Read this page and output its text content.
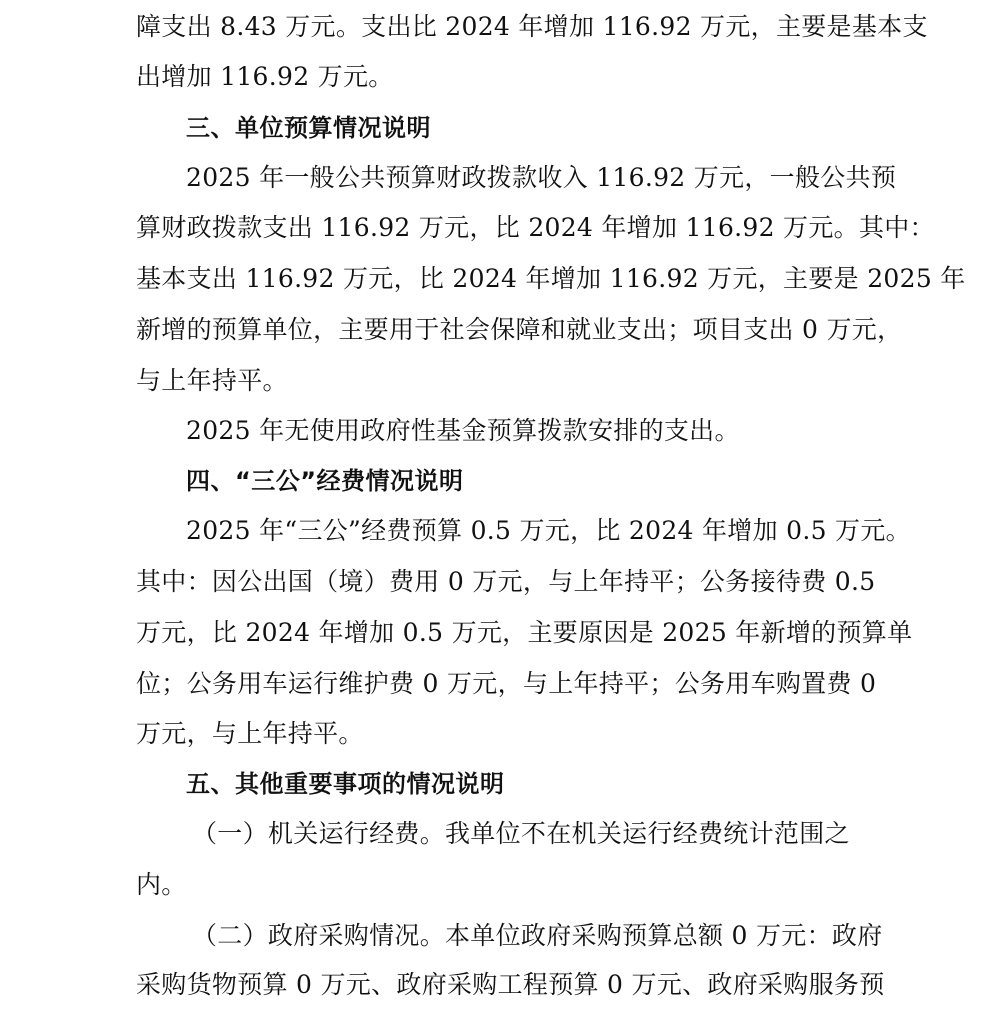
障支出 8.43 万元。支出比 2024 年增加 116.92 万元，主要是基本支
出增加 116.92 万元。
三、单位预算情况说明
2025 年一般公共预算财政拨款收入 116.92 万元，一般公共预
算财政拨款支出 116.92 万元，比 2024 年增加 116.92 万元。其中：
基本支出 116.92 万元，比 2024 年增加 116.92 万元，主要是 2025 年
新增的预算单位，主要用于社会保障和就业支出；项目支出 0 万元，
与上年持平。
2025 年无使用政府性基金预算拨款安排的支出。
四、“三公”经费情况说明
2025 年“三公”经费预算 0.5 万元，比 2024 年增加 0.5 万元。
其中：因公出国（境）费用 0 万元，与上年持平；公务接待费 0.5
万元，比 2024 年增加 0.5 万元，主要原因是 2025 年新增的预算单
位；公务用车运行维护费 0 万元，与上年持平；公务用车购置费 0
万元，与上年持平。
五、其他重要事项的情况说明
（一）机关运行经费。我单位不在机关运行经费统计范围之
内。
（二）政府采购情况。本单位政府采购预算总额 0 万元：政府
采购货物预算 0 万元、政府采购工程预算 0 万元、政府采购服务预
